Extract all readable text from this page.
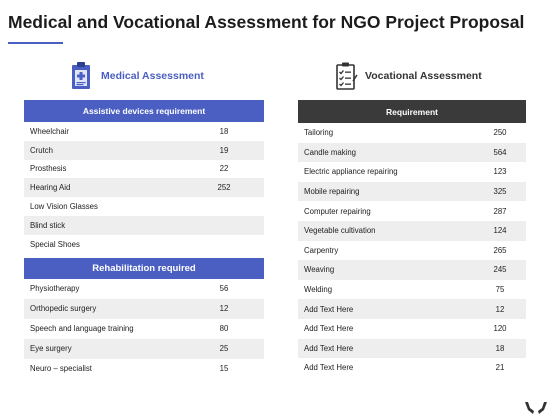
Medical and Vocational Assessment for NGO Project Proposal
Medical Assessment	Vocational Assessment
Assistive devices requirement
Wheelchair	18
Crutch	19
Prosthesis	22
Hearing Aid	252
Low Vision Glasses
Blind stick
Special Shoes
Rehabilitation required
Physiotherapy	56
Orthopedic surgery	12
Speech and language training	80
Eye surgery	25
Neuro – specialist	15
Requirement
Tailoring	250
Candle making	564
Electric appliance repairing	123
Mobile repairing	325
Computer repairing	287
Vegetable cultivation	124
Carpentry	265
Weaving	245
Welding	75
Add Text Here	12
Add Text Here	120
Add Text Here	18
Add Text Here	21
